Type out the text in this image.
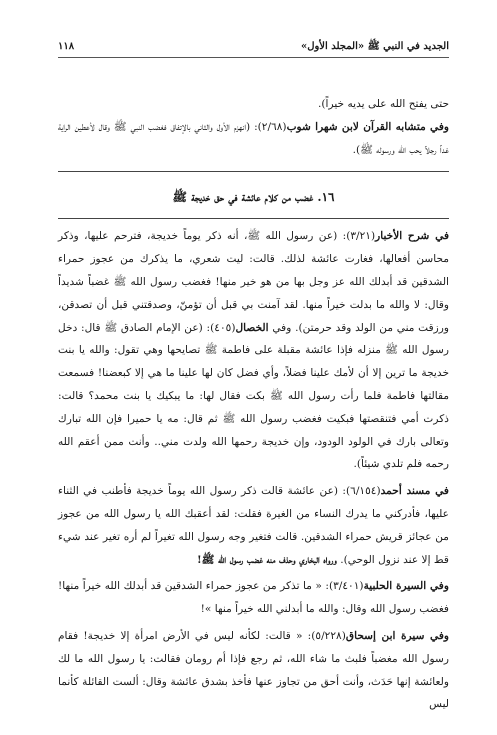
الجديد في النبي ﷺ «المجلد الأول»
١١٨

حتى يفتح الله على يديه خيراً).

وفي متشابه القرآن لابن شهرا شوب(٢/٦٨): (انهزم الأول والثاني بالإتفاق فغضب النبي ﷺ وقال لأعطين الراية غداً رجلاً يحب الله ورسوله ﷺ).

١٦. غضب من كلام عائشة في حق خديجة ﷺ

في شرح الأخبار(٣/٢١): (عن رسول الله ﷺ، أنه ذكر يوماً خديجة، فترحم عليها، وذكر محاسن أفعالها، فغارت عائشة لذلك. قالت: ليت شعري، ما يذكرك من عجوز حمراء الشدقين قد أبدلك الله عز وجل بها من هو خير منها! فغضب رسول الله ﷺ غضباً شديداً وقال: لا والله ما بدلت خيراً منها. لقد آمنت بي قبل أن تؤمنّ، وصدقتني قبل أن تصدقن، ورزقت مني من الولد وقد حرمتن). وفي الخصال(٤٠٥): (عن الإمام الصادق ﷺ قال: دخل رسول الله ﷺ منزله فإذا عائشة مقبلة على فاطمة ﷺ تصايحها وهي تقول: والله يا بنت خديجة ما ترين إلا أن لأمك علينا فضلاً، وأي فضل كان لها علينا ما هي إلا كبعضنا! فسمعت مقالتها فاطمة فلما رأت رسول الله ﷺ بكت فقال لها: ما يبكيك يا بنت محمد؟ قالت: ذكرت أمي فتنقصتها فبكيت فغضب رسول الله ﷺ ثم قال: مه يا حميرا فإن الله تبارك وتعالى بارك في الولود الودود، وإن خديجة رحمها الله ولدت مني.. وأنت ممن أعقم الله رحمه فلم تلدي شيئاً).

في مسند أحمد(٦/١٥٤): (عن عائشة قالت ذكر رسول الله يوماً خديجة فأطنب في الثناء عليها، فأدركني ما يدرك النساء من الغيرة فقلت: لقد أعقبك الله يا رسول الله من عجوز من عجائز قريش حمراء الشدقين. قالت فتغير وجه رسول الله تغيراً لم أره تغير عند شيء قط إلا عند نزول الوحي). ورواه البخاري وحذف منه غضب رسول الله ﷺ!

وفي السيرة الحلبية(٣/٤٠١): « ما تذكر من عجوز حمراء الشدقين قد أبدلك الله خيراً منها! فغضب رسول الله وقال: والله ما أبدلني الله خيراً منها »!

وفي سيرة ابن إسحاق(٥/٢٢٨): « قالت: لكأنه ليس في الأرض امرأة إلا خديجة! فقام رسول الله مغضباً فلبث ما شاء الله، ثم رجع فإذا أم رومان فقالت: يا رسول الله ما لك ولعائشة إنها حَدَث، وأنت أحق من تجاوز عنها فأخذ بشدق عائشة وقال: ألست القائلة كأنما ليس
